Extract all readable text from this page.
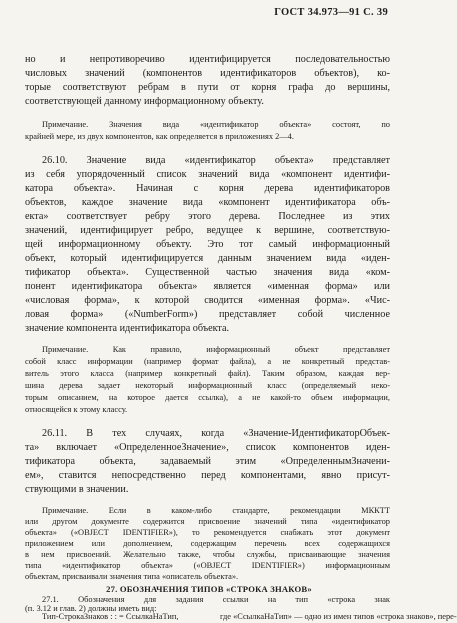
ГОСТ 34.973—91 С. 39
но и непротиворечиво идентифицируется последовательностью
числовых значений (компонентов идентификаторов объектов), ко-
торые соответствуют ребрам в пути от корня графа до вершины,
соответствующей данному информационному объекту.
Примечание. Значения вида «идентификатор объекта» состоят, по
крайней мере, из двух компонентов, как определяется в приложениях 2—4.
26.10. Значение вида «идентификатор объекта» представляет
из себя упорядоченный список значений вида «компонент идентифи-
катора объекта». Начиная с корня дерева идентификаторов
объектов, каждое значение вида «компонент идентификатора объ-
екта» соответствует ребру этого дерева. Последнее из этих
значений, идентифицирует ребро, ведущее к вершине, соответствую-
щей информационному объекту. Это тот самый информационный
объект, который идентифицируется данным значением вида «иден-
тификатор объекта». Существенной частью значения вида «ком-
понент идентификатора объекта» является «именная форма» или
«числовая форма», к которой сводится «именная форма». «Чис-
ловая форма» («NumberForm») представляет собой численное
значение компонента идентификатора объекта.
Примечание. Как правило, информационный объект представляет
собой класс информации (например формат файла), а не конкретный представ-
витель этого класса (например конкретный файл). Таким образом, каждая вер-
шина дерева задает некоторый информационный класс (определяемый неко-
торым описанием, на которое дается ссылка), а не какой-то объем информации,
относящейся к этому классу.
26.11. В тех случаях, когда «Значение-ИдентификаторОбъек-
та» включает «ОпределенноеЗначение», список компонентов иден-
тификатора объекта, задаваемый этим «ОпределеннымЗначени-
ем», ставится непосредственно перед компонентами, явно присут-
ствующими в значении.
Примечание. Если в каком-либо стандарте, рекомендации МККТТ
или другом документе содержится присвоение значений типа «идентификатор
объекта» («OBJECT IDENTIFIER»), то рекомендуется снабжать этот документ
приложением или дополнением, содержащим перечень всех содержащихся
в нем присвоений. Желательно также, чтобы службы, присваивающие значения
типа «идентификатор объекта» («OBJECT IDENTIFIER») информационным
объектам, присваивали значения типа «описатель объекта».
27. ОБОЗНАЧЕНИЯ ТИПОВ «СТРОКА ЗНАКОВ»
27.1. Обозначения для задания ссылки на тип «строка знак
(п. 3.12 и глав. 2) должны иметь вид:
Тип-СтрокаЗнаков : : = СсылкаНаТип,	где «СсылкаНаТип» — одно из имен типов «строка знаков», пере-
